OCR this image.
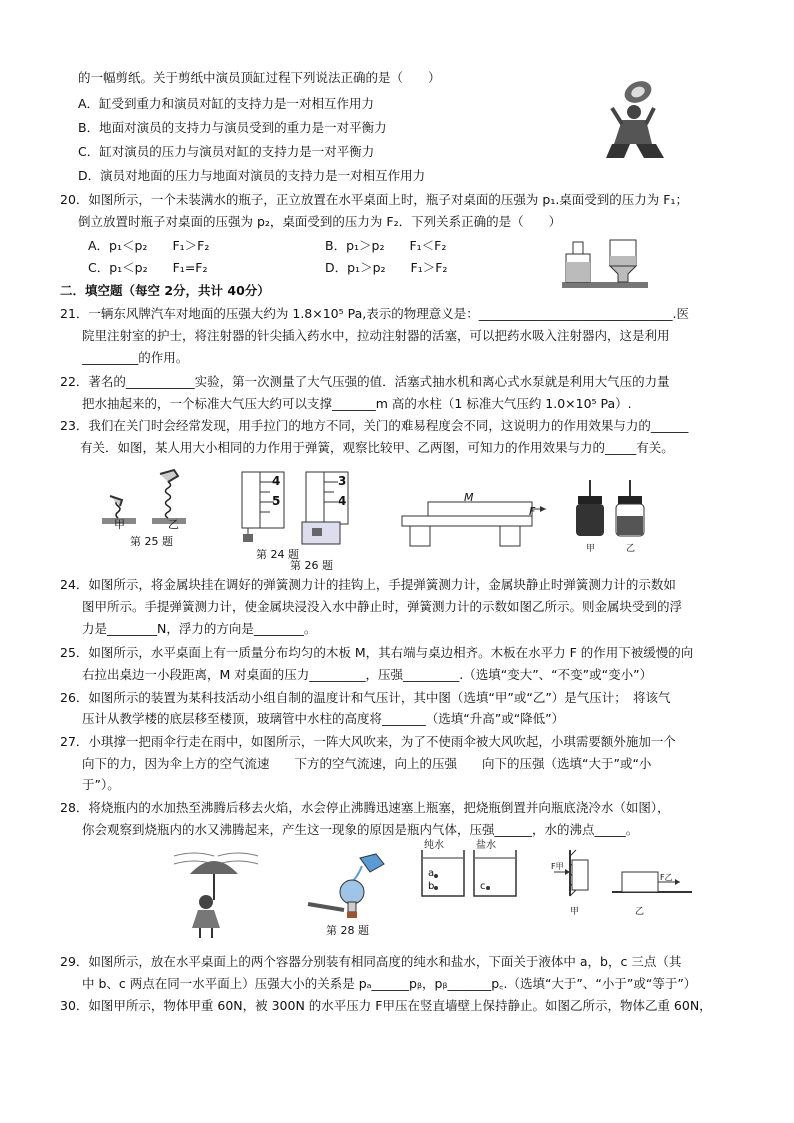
的一幅剪纸。关于剪纸中演员顶缸过程下列说法正确的是（　　）
A．缸受到重力和演员对缸的支持力是一对相互作用力
B．地面对演员的支持力与演员受到的重力是一对平衡力
C．缸对演员的压力与演员对缸的支持力是一对平衡力
D．演员对地面的压力与地面对演员的支持力是一对相互作用力
20．如图所示，一个未装满水的瓶子，正立放置在水平桌面上时，瓶子对桌面的压强为 p₁.桌面受到的压力为 F₁；
倒立放置时瓶子对桌面的压强为 p₂，桌面受到的压力为 F₂．下列关系正确的是（　　）
A．p₁＜p₂　　F₁＞F₂	B．p₁＞p₂　　F₁＜F₂
C．p₁＜p₂　　F₁=F₂	D．p₁＞p₂　　F₁＞F₂
二．填空题（每空 2分，共计 40分）
21．一辆东风牌汽车对地面的压强大约为 1.8×10⁵ Pa,表示的物理意义是：_______________________________.医
院里注射室的护士，将注射器的针尖插入药水中，拉动注射器的活塞，可以把药水吸入注射器内，这是利用
_________的作用。
22．著名的___________实验，第一次测量了大气压强的值．活塞式抽水机和离心式水泵就是利用大气压的力量
把水抽起来的，一个标准大气压大约可以支撑_______m 高的水柱（1 标准大气压约 1.0×10⁵ Pa）.
23．我们在关门时会经常发现，用手拉门的地方不同，关门的难易程度会不同，这说明力的作用效果与力的______
有关．如图，某人用大小相同的力作用于弹簧，观察比较甲、乙两图，可知力的作用效果与力的_____有关。
甲	乙
第 25 题
4
5
3
4
第 24 题
第 26 题
M
F
甲	乙
24．如图所示，将金属块挂在调好的弹簧测力计的挂钩上，手提弹簧测力计，金属块静止时弹簧测力计的示数如
图甲所示。手提弹簧测力计，使金属块浸没入水中静止时，弹簧测力计的示数如图乙所示。则金属块受到的浮
力是________N，浮力的方向是________。
25．如图所示，水平桌面上有一质量分布均匀的木板 M，其右端与桌边相齐。木板在水平力 F 的作用下被缓慢的向
右拉出桌边一小段距离，M 对桌面的压力_________，压强_________.（选填“变大”、“不变”或“变小”）
26．如图所示的装置为某科技活动小组自制的温度计和气压计，其中图（选填“甲”或“乙”）是气压计；　将该气
压计从教学楼的底层移至楼顶，玻璃管中水柱的高度将_______（选填“升高”或“降低”）
27．小琪撑一把雨伞行走在雨中，如图所示，一阵大风吹来，为了不使雨伞被大风吹起，小琪需要额外施加一个
向下的力，因为伞上方的空气流速　　下方的空气流速，向上的压强　　向下的压强（选填“大于”或“小
于”）。
28．将烧瓶内的水加热至沸腾后移去火焰，水会停止沸腾迅速塞上瓶塞，把烧瓶倒置并向瓶底浇冷水（如图），
你会观察到烧瓶内的水又沸腾起来，产生这一现象的原因是瓶内气体，压强______，水的沸点_____。
第 28 题
纯水	盐水
a
b	c
F甲
F乙
甲	乙
29．如图所示，放在水平桌面上的两个容器分别装有相同高度的纯水和盐水，下面关于液体中 a，b，c 三点（其
中 b、c 两点在同一水平面上）压强大小的关系是 pₐ______pᵦ，pᵦ_______p꜀.（选填“大于”、“小于”或“等于”）
30．如图甲所示，物体甲重 60N，被 300N 的水平压力 F甲压在竖直墙壁上保持静止。如图乙所示，物体乙重 60N，
